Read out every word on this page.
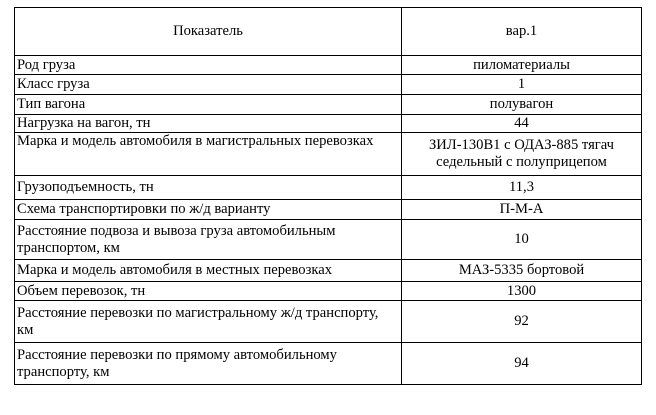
Показатель	вар.1
Род груза	пиломатериалы
Класс груза	1
Тип вагона	полувагон
Нагрузка на вагон, тн	44
Марка и модель автомобиля в магистральных перевозках	ЗИЛ-130В1 с ОДАЗ-885 тягач седельный с полуприцепом
Грузоподъемность, тн	11,3
Схема транспортировки по ж/д варианту	П-М-А
Расстояние подвоза и вывоза груза автомобильным транспортом, км	10
Марка и модель автомобиля в местных перевозках	МАЗ-5335 бортовой
Объем перевозок, тн	1300
Расстояние перевозки по магистральному ж/д транспорту, км	92
Расстояние перевозки по прямому автомобильному транспорту, км	94
